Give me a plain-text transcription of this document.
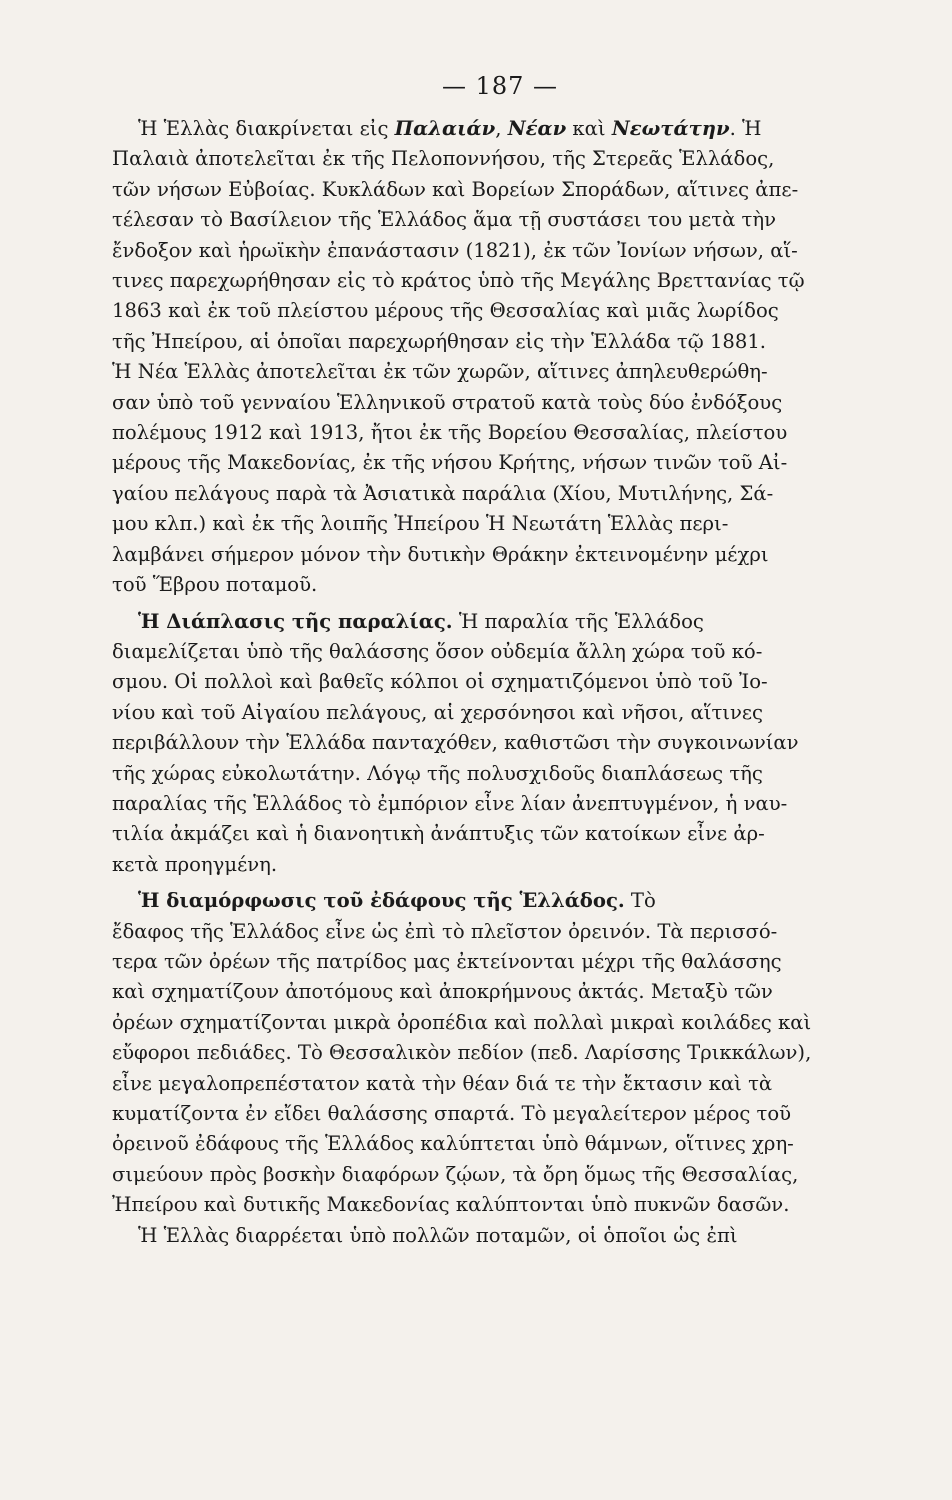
— 187 —

Ἡ Ἑλλὰς διακρίνεται εἰς Παλαιάν, Νέαν καὶ Νεωτάτην. Ἡ
Παλαιὰ ἀποτελεῖται ἐκ τῆς Πελοποννήσου, τῆς Στερεᾶς Ἑλλάδος,
τῶν νήσων Εὐβοίας. Κυκλάδων καὶ Βορείων Σποράδων, αἵτινες ἀπε-
τέλεσαν τὸ Βασίλειον τῆς Ἑλλάδος ἅμα τῇ συστάσει του μετὰ τὴν
ἔνδοξον καὶ ἡρωϊκὴν ἐπανάστασιν (1821), ἐκ τῶν Ἰονίων νήσων, αἵ-
τινες παρεχωρήθησαν εἰς τὸ κράτος ὑπὸ τῆς Μεγάλης Βρεττανίας τῷ
1863 καὶ ἐκ τοῦ πλείστου μέρους τῆς Θεσσαλίας καὶ μιᾶς λωρίδος
τῆς Ἠπείρου, αἱ ὁποῖαι παρεχωρήθησαν εἰς τὴν Ἑλλάδα τῷ 1881.
Ἡ Νέα Ἑλλὰς ἀποτελεῖται ἐκ τῶν χωρῶν, αἵτινες ἀπηλευθερώθη-
σαν ὑπὸ τοῦ γενναίου Ἑλληνικοῦ στρατοῦ κατὰ τοὺς δύο ἐνδόξους
πολέμους 1912 καὶ 1913, ἤτοι ἐκ τῆς Βορείου Θεσσαλίας, πλείστου
μέρους τῆς Μακεδονίας, ἐκ τῆς νήσου Κρήτης, νήσων τινῶν τοῦ Αἰ-
γαίου πελάγους παρὰ τὰ Ἀσιατικὰ παράλια (Χίου, Μυτιλήνης, Σά-
μου κλπ.) καὶ ἐκ τῆς λοιπῆς Ἠπείρου Ἡ Νεωτάτη Ἑλλὰς περι-
λαμβάνει σήμερον μόνον τὴν δυτικὴν Θράκην ἐκτεινομένην μέχρι
τοῦ Ἕβρου ποταμοῦ.

Ἡ Διάπλασις τῆς παραλίας. Ἡ παραλία τῆς Ἑλλάδος
διαμελίζεται ὑπὸ τῆς θαλάσσης ὅσον οὐδεμία ἄλλη χώρα τοῦ κό-
σμου. Οἱ πολλοὶ καὶ βαθεῖς κόλποι οἱ σχηματιζόμενοι ὑπὸ τοῦ Ἰο-
νίου καὶ τοῦ Αἰγαίου πελάγους, αἱ χερσόνησοι καὶ νῆσοι, αἵτινες
περιβάλλουν τὴν Ἑλλάδα πανταχόθεν, καθιστῶσι τὴν συγκοινωνίαν
τῆς χώρας εὐκολωτάτην. Λόγῳ τῆς πολυσχιδοῦς διαπλάσεως τῆς
παραλίας τῆς Ἑλλάδος τὸ ἐμπόριον εἶνε λίαν ἀνεπτυγμένον, ἡ ναυ-
τιλία ἀκμάζει καὶ ἡ διανοητικὴ ἀνάπτυξις τῶν κατοίκων εἶνε ἀρ-
κετὰ προηγμένη.

Ἡ διαμόρφωσις τοῦ ἐδάφους τῆς Ἑλλάδος. Τὸ
ἔδαφος τῆς Ἑλλάδος εἶνε ὡς ἐπὶ τὸ πλεῖστον ὀρεινόν. Τὰ περισσό-
τερα τῶν ὀρέων τῆς πατρίδος μας ἐκτείνονται μέχρι τῆς θαλάσσης
καὶ σχηματίζουν ἀποτόμους καὶ ἀποκρήμνους ἀκτάς. Μεταξὺ τῶν
ὀρέων σχηματίζονται μικρὰ ὀροπέδια καὶ πολλαὶ μικραὶ κοιλάδες καὶ
εὔφοροι πεδιάδες. Τὸ Θεσσαλικὸν πεδίον (πεδ. Λαρίσσης Τρικκάλων),
εἶνε μεγαλοπρεπέστατον κατὰ τὴν θέαν διά τε τὴν ἔκτασιν καὶ τὰ
κυματίζοντα ἐν εἴδει θαλάσσης σπαρτά. Τὸ μεγαλείτερον μέρος τοῦ
ὀρεινοῦ ἐδάφους τῆς Ἑλλάδος καλύπτεται ὑπὸ θάμνων, οἵτινες χρη-
σιμεύουν πρὸς βοσκὴν διαφόρων ζῴων, τὰ ὄρη ὅμως τῆς Θεσσαλίας,
Ἠπείρου καὶ δυτικῆς Μακεδονίας καλύπτονται ὑπὸ πυκνῶν δασῶν.

Ἡ Ἑλλὰς διαρρέεται ὑπὸ πολλῶν ποταμῶν, οἱ ὁποῖοι ὡς ἐπὶ
